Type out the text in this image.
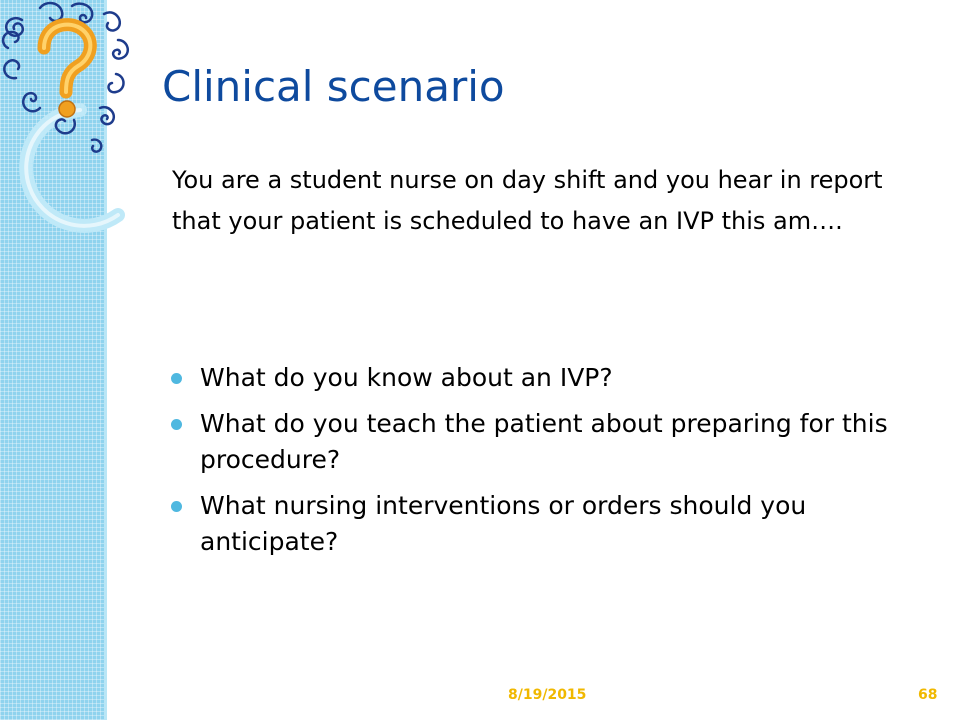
Clinical scenario

You are a student nurse on day shift and you hear in report that your patient is scheduled to have an IVP this am….

What do you know about an IVP?
What do you teach the patient about preparing for this procedure?
What nursing interventions or orders should you anticipate?
8/19/2015	68
